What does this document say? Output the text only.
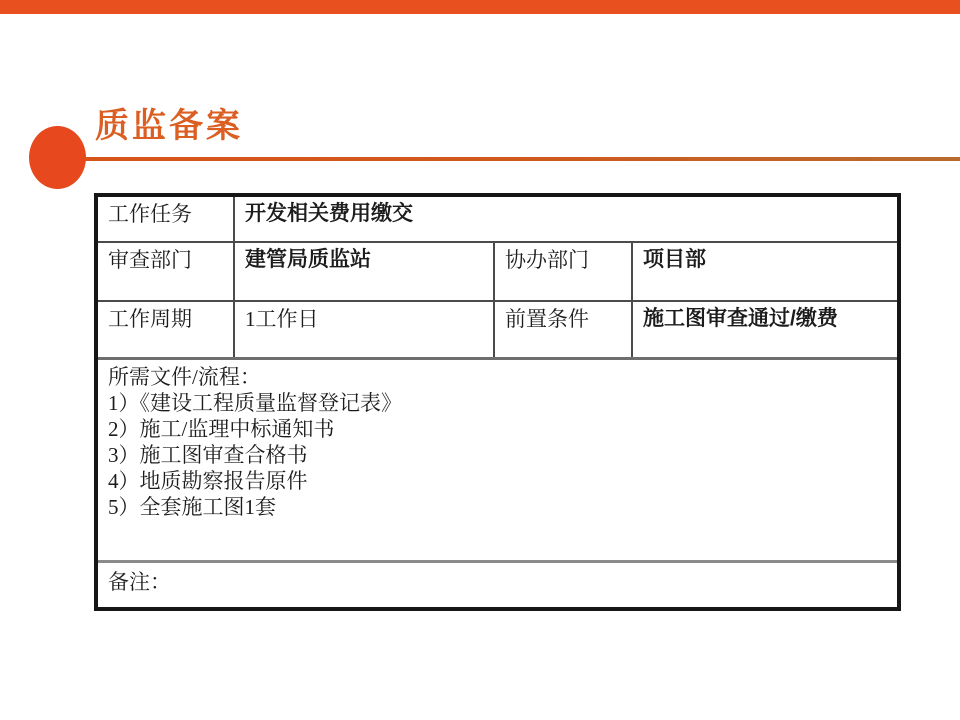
质监备案
工作任务	开发相关费用缴交		
审查部门	建管局质监站	协办部门	项目部
工作周期	1工作日	前置条件	施工图审查通过/缴费

所需文件/流程：
1）《建设工程质量监督登记表》
2）施工/监理中标通知书
3）施工图审查合格书
4）地质勘察报告原件
5）全套施工图1套

备注：			
